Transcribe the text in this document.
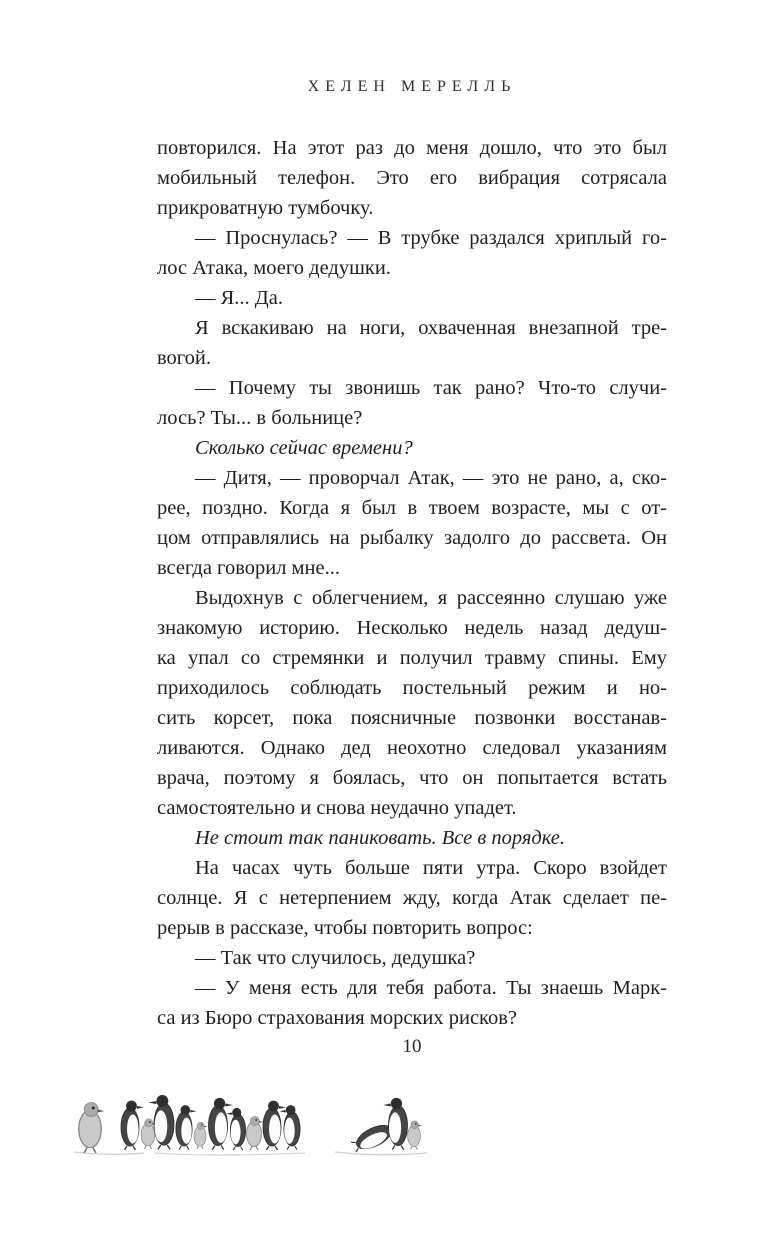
ХЕЛЕН МЕРЕЛЛЬ
повторился. На этот раз до меня дошло, что это был
мобильный телефон. Это его вибрация сотрясала
прикроватную тумбочку.
— Проснулась? — В трубке раздался хриплый го-
лос Атака, моего дедушки.
— Я... Да.
Я вскакиваю на ноги, охваченная внезапной тре-
вогой.
— Почему ты звонишь так рано? Что-то случи-
лось? Ты... в больнице?
Сколько сейчас времени?
— Дитя, — проворчал Атак, — это не рано, а, ско-
рее, поздно. Когда я был в твоем возрасте, мы с от-
цом отправлялись на рыбалку задолго до рассвета. Он
всегда говорил мне...
Выдохнув с облегчением, я рассеянно слушаю уже
знакомую историю. Несколько недель назад дедуш-
ка упал со стремянки и получил травму спины. Ему
приходилось соблюдать постельный режим и но-
сить корсет, пока поясничные позвонки восстанав-
ливаются. Однако дед неохотно следовал указаниям
врача, поэтому я боялась, что он попытается встать
самостоятельно и снова неудачно упадет.
Не стоит так паниковать. Все в порядке.
На часах чуть больше пяти утра. Скоро взойдет
солнце. Я с нетерпением жду, когда Атак сделает пе-
рерыв в рассказе, чтобы повторить вопрос:
— Так что случилось, дедушка?
— У меня есть для тебя работа. Ты знаешь Марк-
са из Бюро страхования морских рисков?
10
